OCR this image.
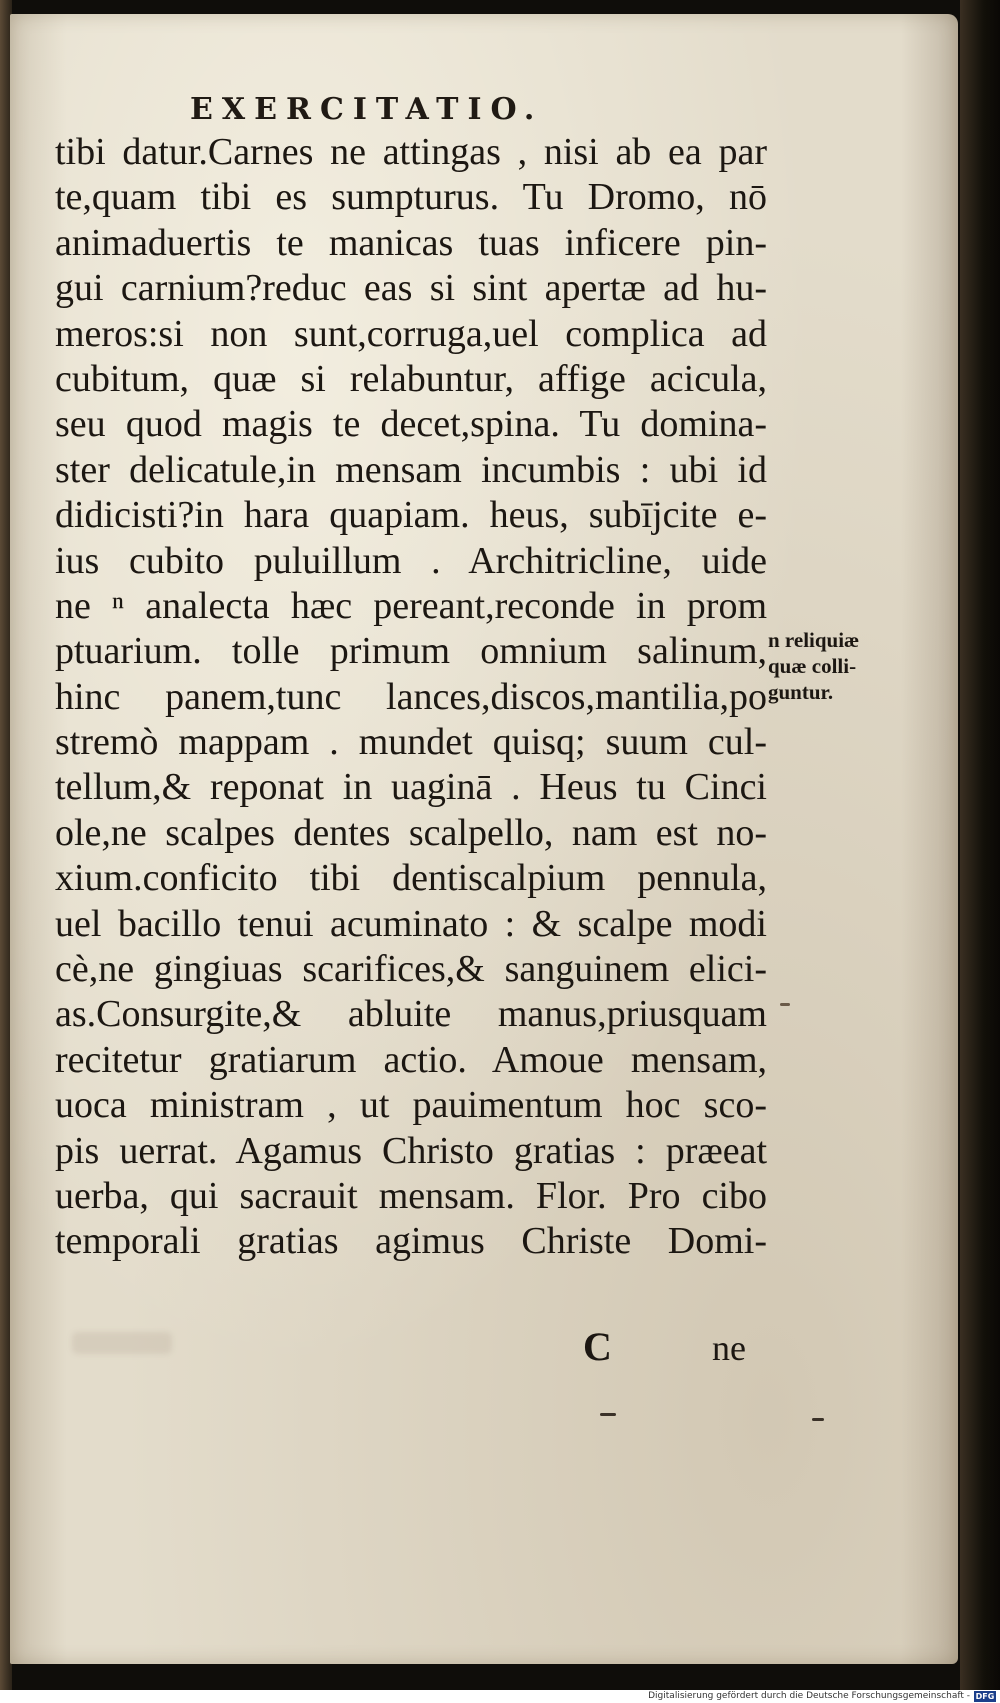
EXERCITATIO.
tibi datur.Carnes ne attingas , nisi ab ea par
te,quam tibi es sumpturus. Tu Dromo, nō
animaduertis te manicas tuas inficere pin-
gui carnium?reduc eas si sint apertæ ad hu-
meros:si non sunt,corruga,uel complica ad
cubitum, quæ si relabuntur, affige acicula,
seu quod magis te decet,spina. Tu domina-
ster delicatule,in mensam incumbis : ubi id
didicisti?in hara quapiam. heus, subījcite e-
ius cubito puluillum . Architricline, uide
ne ⁿ analecta hæc pereant,reconde in prom
ptuarium. tolle primum omnium salinum,
hinc panem,tunc lances,discos,mantilia,po
stremò mappam . mundet quisq; suum cul-
tellum,& reponat in uaginā . Heus tu Cinci
ole,ne scalpes dentes scalpello, nam est no-
xium.conficito tibi dentiscalpium pennula,
uel bacillo tenui acuminato : & scalpe modi
cè,ne gingiuas scarifices,& sanguinem elici-
as.Consurgite,& abluite manus,priusquam
recitetur gratiarum actio. Amoue mensam,
uoca ministram , ut pauimentum hoc sco-
pis uerrat. Agamus Christo gratias : præeat
uerba, qui sacrauit mensam. Flor. Pro cibo
temporali gratias agimus Christe Domi-
n reliquiæ
quæ colli-
guntur.
C	ne
Digitalisierung gefördert durch die Deutsche Forschungsgemeinschaft - DFG
